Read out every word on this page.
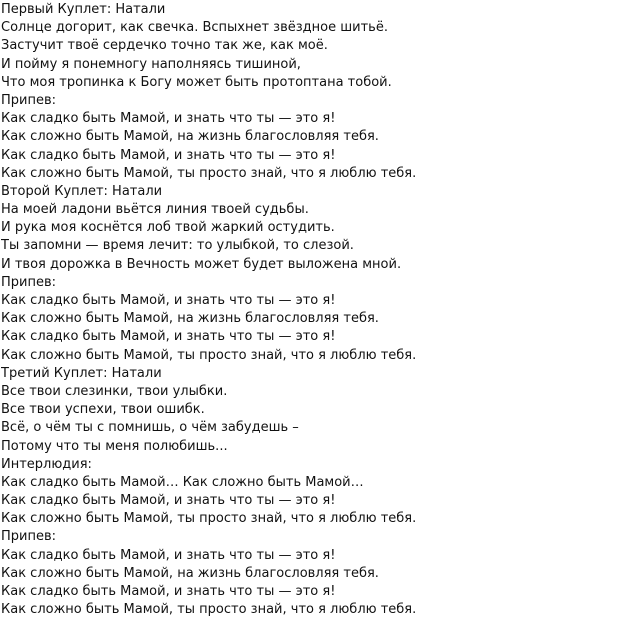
Первый Куплет: Натали
Солнце догорит, как свечка. Вспыхнет звёздное шитьё.
Застучит твоё сердечко точно так же, как моё.
И пойму я понемногу наполняясь тишиной,
Что моя тропинка к Богу может быть протоптана тобой.
Припев:
Как сладко быть Мамой, и знать что ты — это я!
Как сложно быть Мамой, на жизнь благословляя тебя.
Как сладко быть Мамой, и знать что ты — это я!
Как сложно быть Мамой, ты просто знай, что я люблю тебя.
Второй Куплет: Натали
На моей ладони вьётся линия твоей судьбы.
И рука моя коснётся лоб твой жаркий остудить.
Ты запомни — время лечит: то улыбкой, то слезой.
И твоя дорожка в Вечность может будет выложена мной.
Припев:
Как сладко быть Мамой, и знать что ты — это я!
Как сложно быть Мамой, на жизнь благословляя тебя.
Как сладко быть Мамой, и знать что ты — это я!
Как сложно быть Мамой, ты просто знай, что я люблю тебя.
Третий Куплет: Натали
Все твои слезинки, твои улыбки.
Все твои успехи, твои ошибк.
Всё, о чём ты с помнишь, о чём забудешь –
Потому что ты меня полюбишь...
Интерлюдия:
Как сладко быть Мамой… Как сложно быть Мамой…
Как сладко быть Мамой, и знать что ты — это я!
Как сложно быть Мамой, ты просто знай, что я люблю тебя.
Припев:
Как сладко быть Мамой, и знать что ты — это я!
Как сложно быть Мамой, на жизнь благословляя тебя.
Как сладко быть Мамой, и знать что ты — это я!
Как сложно быть Мамой, ты просто знай, что я люблю тебя.
